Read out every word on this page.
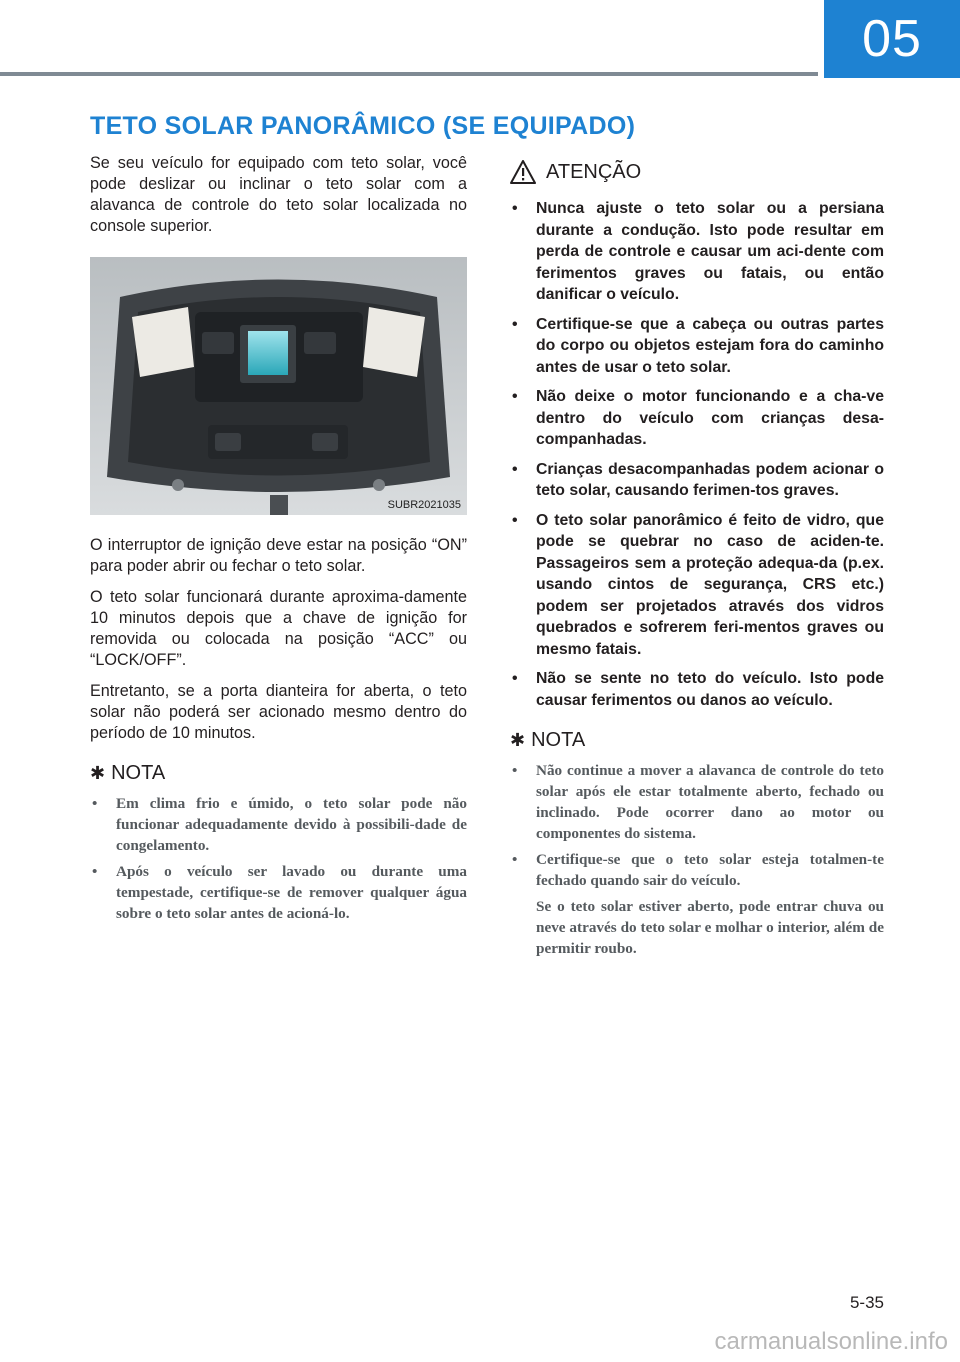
05
TETO SOLAR PANORÂMICO (SE EQUIPADO)

Se seu veículo for equipado com teto solar, você pode deslizar ou inclinar o teto solar com a alavanca de controle do teto solar localizada no console superior.

SUBR2021035

O interruptor de ignição deve estar na posição “ON” para poder abrir ou fechar o teto solar.

O teto solar funcionará durante aproxima-damente 10 minutos depois que a chave de ignição for removida ou colocada na posição “ACC” ou “LOCK/OFF”.

Entretanto, se a porta dianteira for aberta, o teto solar não poderá ser acionado mesmo dentro do período de 10 minutos.

✱ NOTA
• Em clima frio e úmido, o teto solar pode não funcionar adequadamente devido à possibili-dade de congelamento.
• Após o veículo ser lavado ou durante uma tempestade, certifique-se de remover qualquer água sobre o teto solar antes de acioná-lo.
ATENÇÃO
• Nunca ajuste o teto solar ou a persiana durante a condução. Isto pode resultar em perda de controle e causar um aci-dente com ferimentos graves ou fatais, ou então danificar o veículo.
• Certifique-se que a cabeça ou outras partes do corpo ou objetos estejam fora do caminho antes de usar o teto solar.
• Não deixe o motor funcionando e a cha-ve dentro do veículo com crianças desa-companhadas.
• Crianças desacompanhadas podem acionar o teto solar, causando ferimen-tos graves.
• O teto solar panorâmico é feito de vidro, que pode se quebrar no caso de aciden-te. Passageiros sem a proteção adequa-da (p.ex. usando cintos de segurança, CRS etc.) podem ser projetados através dos vidros quebrados e sofrerem feri-mentos graves ou mesmo fatais.
• Não se sente no teto do veículo. Isto pode causar ferimentos ou danos ao veículo.
✱ NOTA
• Não continue a mover a alavanca de controle do teto solar após ele estar totalmente aberto, fechado ou inclinado. Pode ocorrer dano ao motor ou componentes do sistema.
• Certifique-se que o teto solar esteja totalmen-te fechado quando sair do veículo.
Se o teto solar estiver aberto, pode entrar chuva ou neve através do teto solar e molhar o interior, além de permitir roubo.
5-35
carmanualsonline.info
